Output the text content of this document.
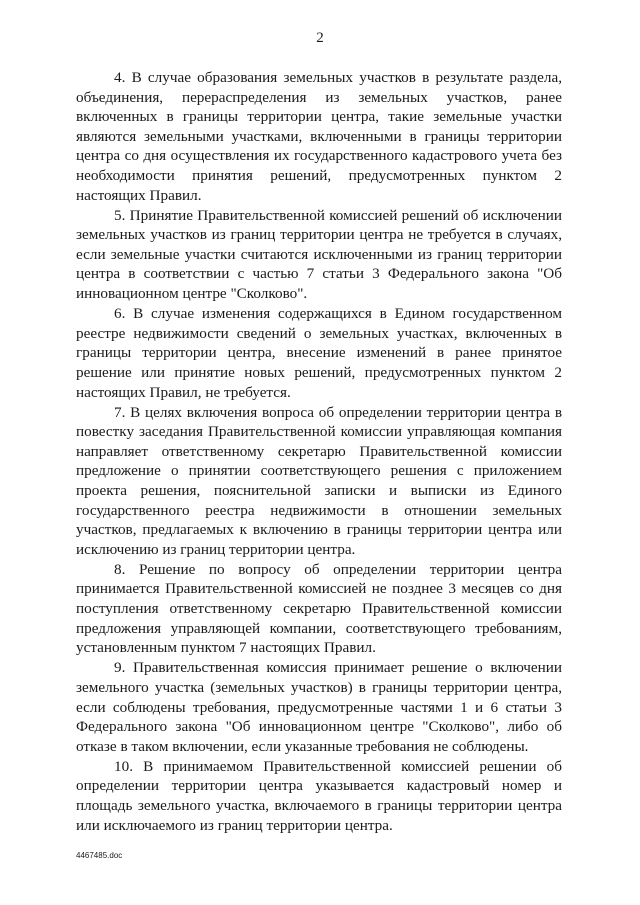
2

4. В случае образования земельных участков в результате раздела, объединения, перераспределения из земельных участков, ранее включенных в границы территории центра, такие земельные участки являются земельными участками, включенными в границы территории центра со дня осуществления их государственного кадастрового учета без необходимости принятия решений, предусмотренных пунктом 2 настоящих Правил.

5. Принятие Правительственной комиссией решений об исключении земельных участков из границ территории центра не требуется в случаях, если земельные участки считаются исключенными из границ территории центра в соответствии с частью 7 статьи 3 Федерального закона "Об инновационном центре "Сколково".

6. В случае изменения содержащихся в Едином государственном реестре недвижимости сведений о земельных участках, включенных в границы территории центра, внесение изменений в ранее принятое решение или принятие новых решений, предусмотренных пунктом 2 настоящих Правил, не требуется.

7. В целях включения вопроса об определении территории центра в повестку заседания Правительственной комиссии управляющая компания направляет ответственному секретарю Правительственной комиссии предложение о принятии соответствующего решения с приложением проекта решения, пояснительной записки и выписки из Единого государственного реестра недвижимости в отношении земельных участков, предлагаемых к включению в границы территории центра или исключению из границ территории центра.

8. Решение по вопросу об определении территории центра принимается Правительственной комиссией не позднее 3 месяцев со дня поступления ответственному секретарю Правительственной комиссии предложения управляющей компании, соответствующего требованиям, установленным пунктом 7 настоящих Правил.

9. Правительственная комиссия принимает решение о включении земельного участка (земельных участков) в границы территории центра, если соблюдены требования, предусмотренные частями 1 и 6 статьи 3 Федерального закона "Об инновационном центре "Сколково", либо об отказе в таком включении, если указанные требования не соблюдены.

10. В принимаемом Правительственной комиссией решении об определении территории центра указывается кадастровый номер и площадь земельного участка, включаемого в границы территории центра или исключаемого из границ территории центра.

4467485.doc
